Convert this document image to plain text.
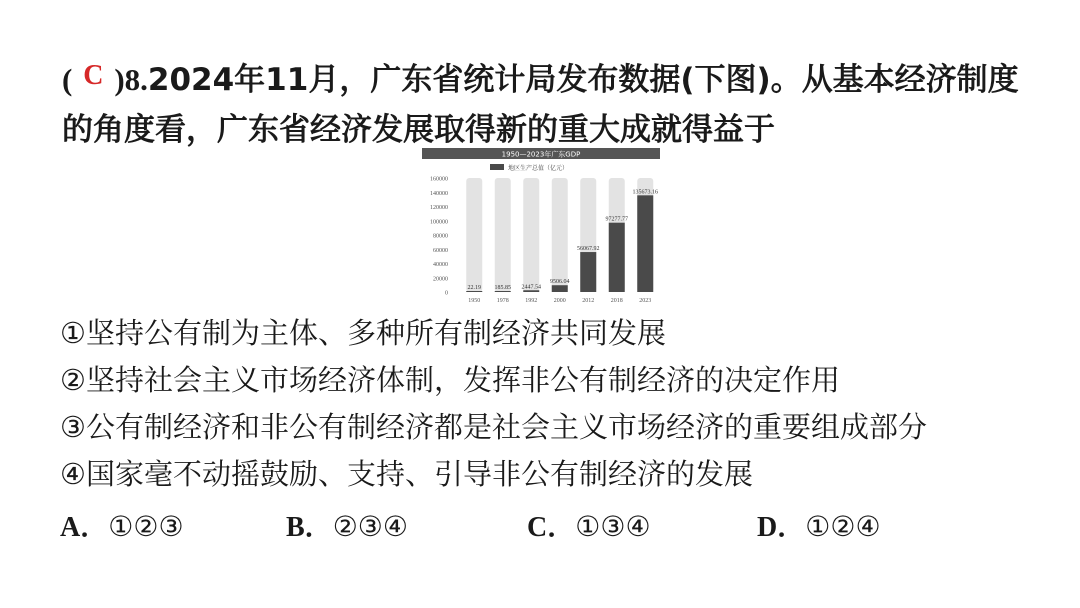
( C )8.2024年11月，广东省统计局发布数据(下图)。从基本经济制度
的角度看，广东省经济发展取得新的重大成就得益于
1950—2023年广东GDP
地区生产总值（亿元）
0
20000
40000
60000
80000
100000
120000
140000
160000
22.19
1950
185.85
1978
2447.54
1992
9506.04
2000
56067.92
2012
97277.77
2018
135673.16
2023
①坚持公有制为主体、多种所有制经济共同发展
②坚持社会主义市场经济体制，发挥非公有制经济的决定作用
③公有制经济和非公有制经济都是社会主义市场经济的重要组成部分
④国家毫不动摇鼓励、支持、引导非公有制经济的发展
A．①②③	B．②③④	C．①③④	D．①②④
